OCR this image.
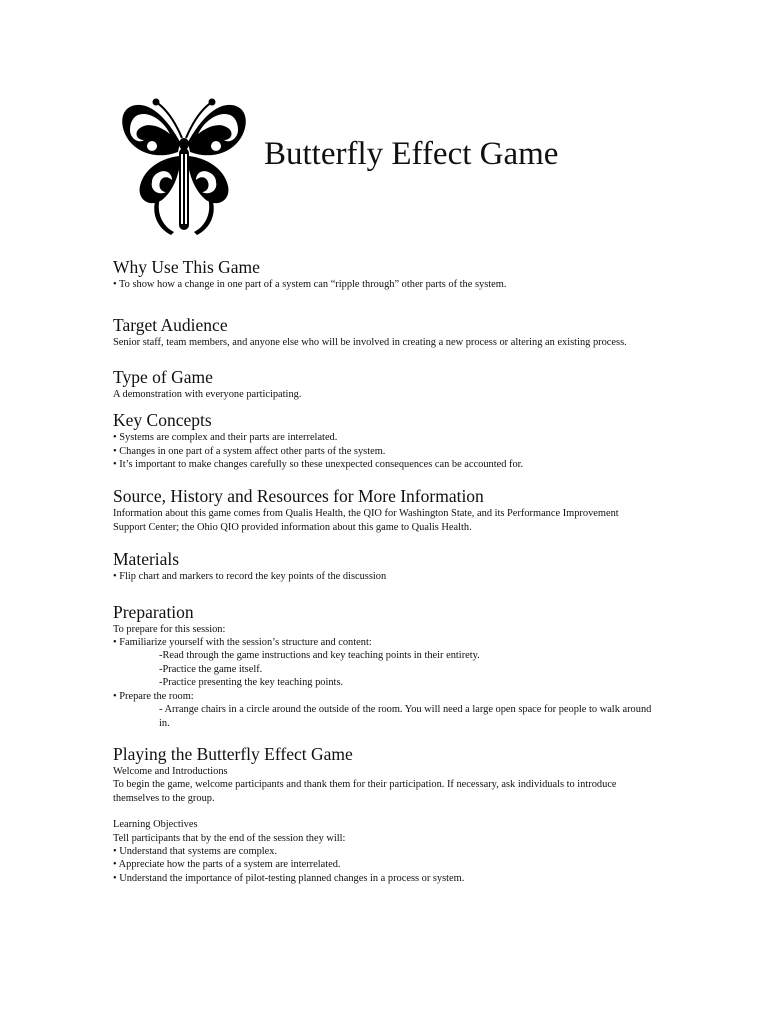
Butterfly Effect Game
Why Use This Game

• To show how a change in one part of a system can “ripple through” other parts of the system.

Target Audience

Senior staff, team members, and anyone else who will be involved in creating a new process or altering an existing process.

Type of Game

A demonstration with everyone participating.

Key Concepts

• Systems are complex and their parts are interrelated.

• Changes in one part of a system affect other parts of the system.

• It’s important to make changes carefully so these unexpected consequences can be accounted for.

Source, History and Resources for More Information

Information about this game comes from Qualis Health, the QIO for Washington State, and its Performance Improvement Support Center; the Ohio QIO provided information about this game to Qualis Health.

Materials

• Flip chart and markers to record the key points of the discussion

Preparation

To prepare for this session:

• Familiarize yourself with the session’s structure and content:

-Read through the game instructions and key teaching points in their entirety.

-Practice the game itself.

-Practice presenting the key teaching points.

• Prepare the room:

- Arrange chairs in a circle around the outside of the room. You will need a large open space for people to walk around in.

Playing the Butterfly Effect Game

Welcome and Introductions

To begin the game, welcome participants and thank them for their participation. If necessary, ask individuals to introduce themselves to the group.

Learning Objectives

Tell participants that by the end of the session they will:

• Understand that systems are complex.

• Appreciate how the parts of a system are interrelated.

• Understand the importance of pilot-testing planned changes in a process or system.
